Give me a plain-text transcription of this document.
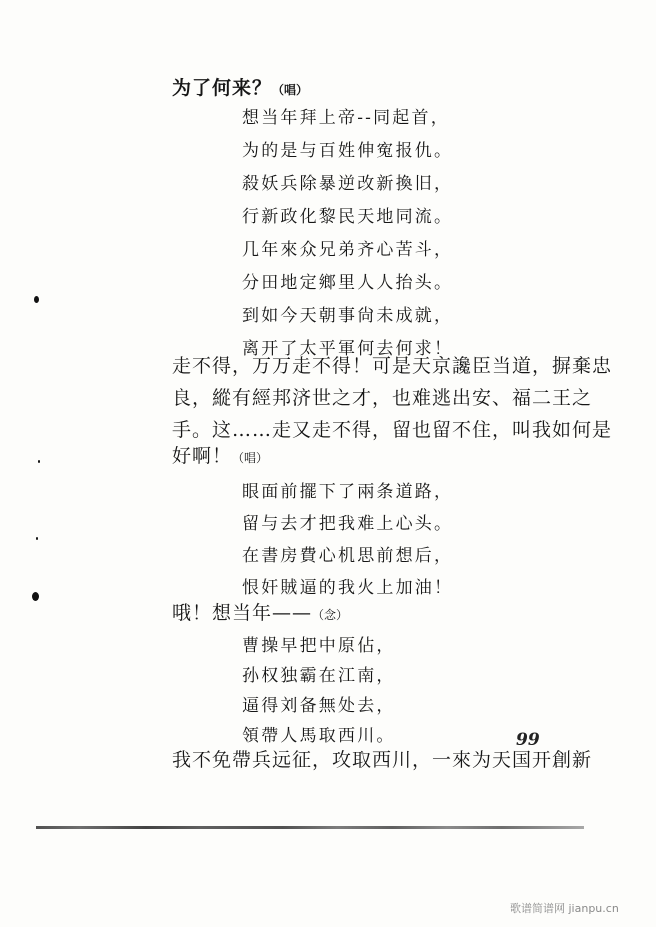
为了何来？（唱）
想当年拜上帝--同起首，
为的是与百姓伸寃报仇。
殺妖兵除暴逆改新換旧，
行新政化黎民天地同流。
几年來众兄弟齐心苦斗，
分田地定鄉里人人抬头。
到如今天朝事尙未成就，
离开了太平軍何去何求！
走不得，万万走不得！可是天京讒臣当道，摒棄忠
良，縱有經邦济世之才，也难逃出安、福二王之
手。这……走又走不得，留也留不住，叫我如何是
好啊！（唱）
眼面前擺下了兩条道路，
留与去才把我难上心头。
在書房費心机思前想后，
恨奸賊逼的我火上加油！
哦！想当年——（念）
曹操早把中原佔，
孙权独霸在江南，
逼得刘备無处去，
領帶人馬取西川。
我不免帶兵远征，攻取西川，一來为天国开創新
99
歌谱简谱网 jianpu.cn
